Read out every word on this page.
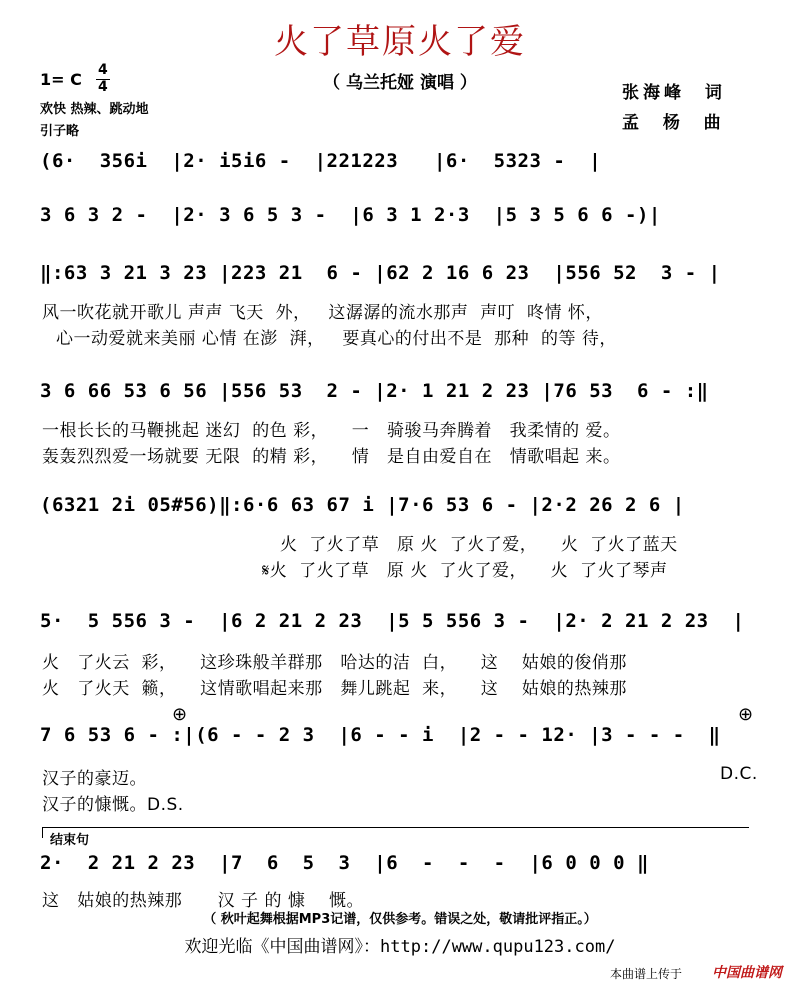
火了草原火了爱
（ 乌兰托娅 演唱 ）
1= C 4
4
欢快 热辣、跳动地
引子略
张海峰  词
孟  杨  曲
(6·  356i  |2· i5i6 -  |221223   |6·  5323 -  |
3 6 3 2 -  |2· 3 6 5 3 -  |6 3 1 2·3  |5 3 5 6 6 -)|
‖:63 3 21 3 23 |223 21  6 - |62 2 16 6 23  |556 52  3 - |
风一吹花就开歌儿 声声 飞天  外，   这潺潺的流水那声  声叮  咚情 怀，
心一动爱就来美丽 心情 在澎  湃，   要真心的付出不是  那种  的等 待，
3 6 66 53 6 56 |556 53  2 - |2· 1 21 2 23 |76 53  6 - :‖
一根长长的马鞭挑起 迷幻  的色 彩，    一   骑骏马奔腾着   我柔情的 爱。
轰轰烈烈爱一场就要 无限  的精 彩，    情   是自由爱自在   情歌唱起 来。
(6321 2i 05#56)‖:6·6 63 67 i |7·6 53 6 - |2·2 26 2 6 |
火  了火了草   原 火  了火了爱，    火  了火了蓝天
𝄋火  了火了草   原 火  了火了爱，    火  了火了琴声
5·  5 556 3 -  |6 2 21 2 23  |5 5 556 3 -  |2· 2 21 2 23  |
火   了火云  彩，    这珍珠般羊群那   哈达的洁  白，    这    姑娘的俊俏那
火   了火天  籁，    这情歌唱起来那   舞儿跳起  来，    这    姑娘的热辣那
⊕	⊕
7 6 53 6 - :|(6 - - 2 3  |6 - - i  |2 - - 12· |3 - - -  ‖
汉子的豪迈。
汉子的慷慨。D.S.
D.C.
结束句
2·  2 21 2 23  |7  6  5  3  |6  -  -  -  |6 0 0 0 ‖
这   姑娘的热辣那      汉 子 的 慷    慨。
（ 秋叶起舞根据MP3记谱，仅供参考。错误之处，敬请批评指正。）
欢迎光临《中国曲谱网》：http://www.qupu123.com/
本曲谱上传于 中国曲谱网
